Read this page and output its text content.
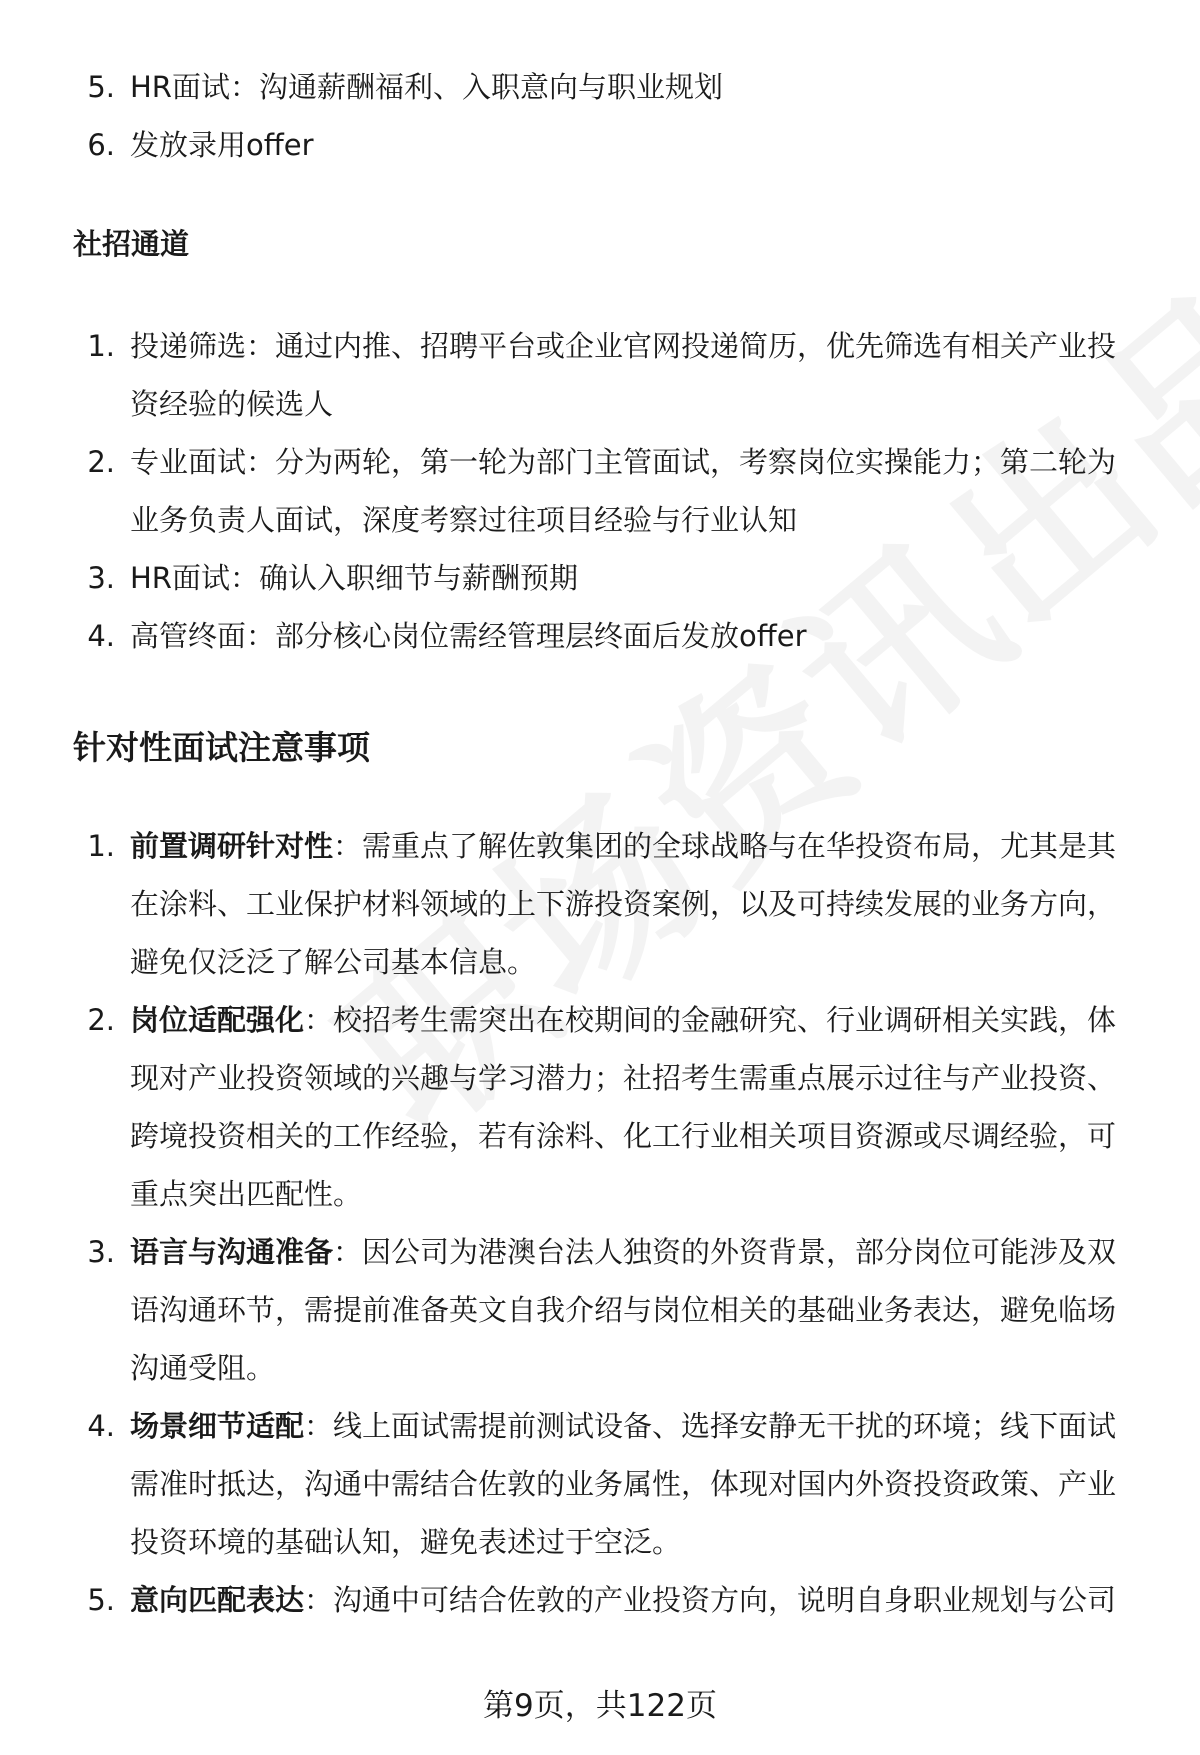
5. HR面试：沟通薪酬福利、入职意向与职业规划
6. 发放录用offer
社招通道
1. 投递筛选：通过内推、招聘平台或企业官网投递简历，优先筛选有相关产业投资经验的候选人
2. 专业面试：分为两轮，第一轮为部门主管面试，考察岗位实操能力；第二轮为业务负责人面试，深度考察过往项目经验与行业认知
3. HR面试：确认入职细节与薪酬预期
4. 高管终面：部分核心岗位需经管理层终面后发放offer
针对性面试注意事项
1. 前置调研针对性：需重点了解佐敦集团的全球战略与在华投资布局，尤其是其在涂料、工业保护材料领域的上下游投资案例，以及可持续发展的业务方向，避免仅泛泛了解公司基本信息。
2. 岗位适配强化：校招考生需突出在校期间的金融研究、行业调研相关实践，体现对产业投资领域的兴趣与学习潜力；社招考生需重点展示过往与产业投资、跨境投资相关的工作经验，若有涂料、化工行业相关项目资源或尽调经验，可重点突出匹配性。
3. 语言与沟通准备：因公司为港澳台法人独资的外资背景，部分岗位可能涉及双语沟通环节，需提前准备英文自我介绍与岗位相关的基础业务表达，避免临场沟通受阻。
4. 场景细节适配：线上面试需提前测试设备、选择安静无干扰的环境；线下面试需准时抵达，沟通中需结合佐敦的业务属性，体现对国内外资投资政策、产业投资环境的基础认知，避免表述过于空泛。
5. 意向匹配表达：沟通中可结合佐敦的产业投资方向，说明自身职业规划与公司
第9页，共122页
